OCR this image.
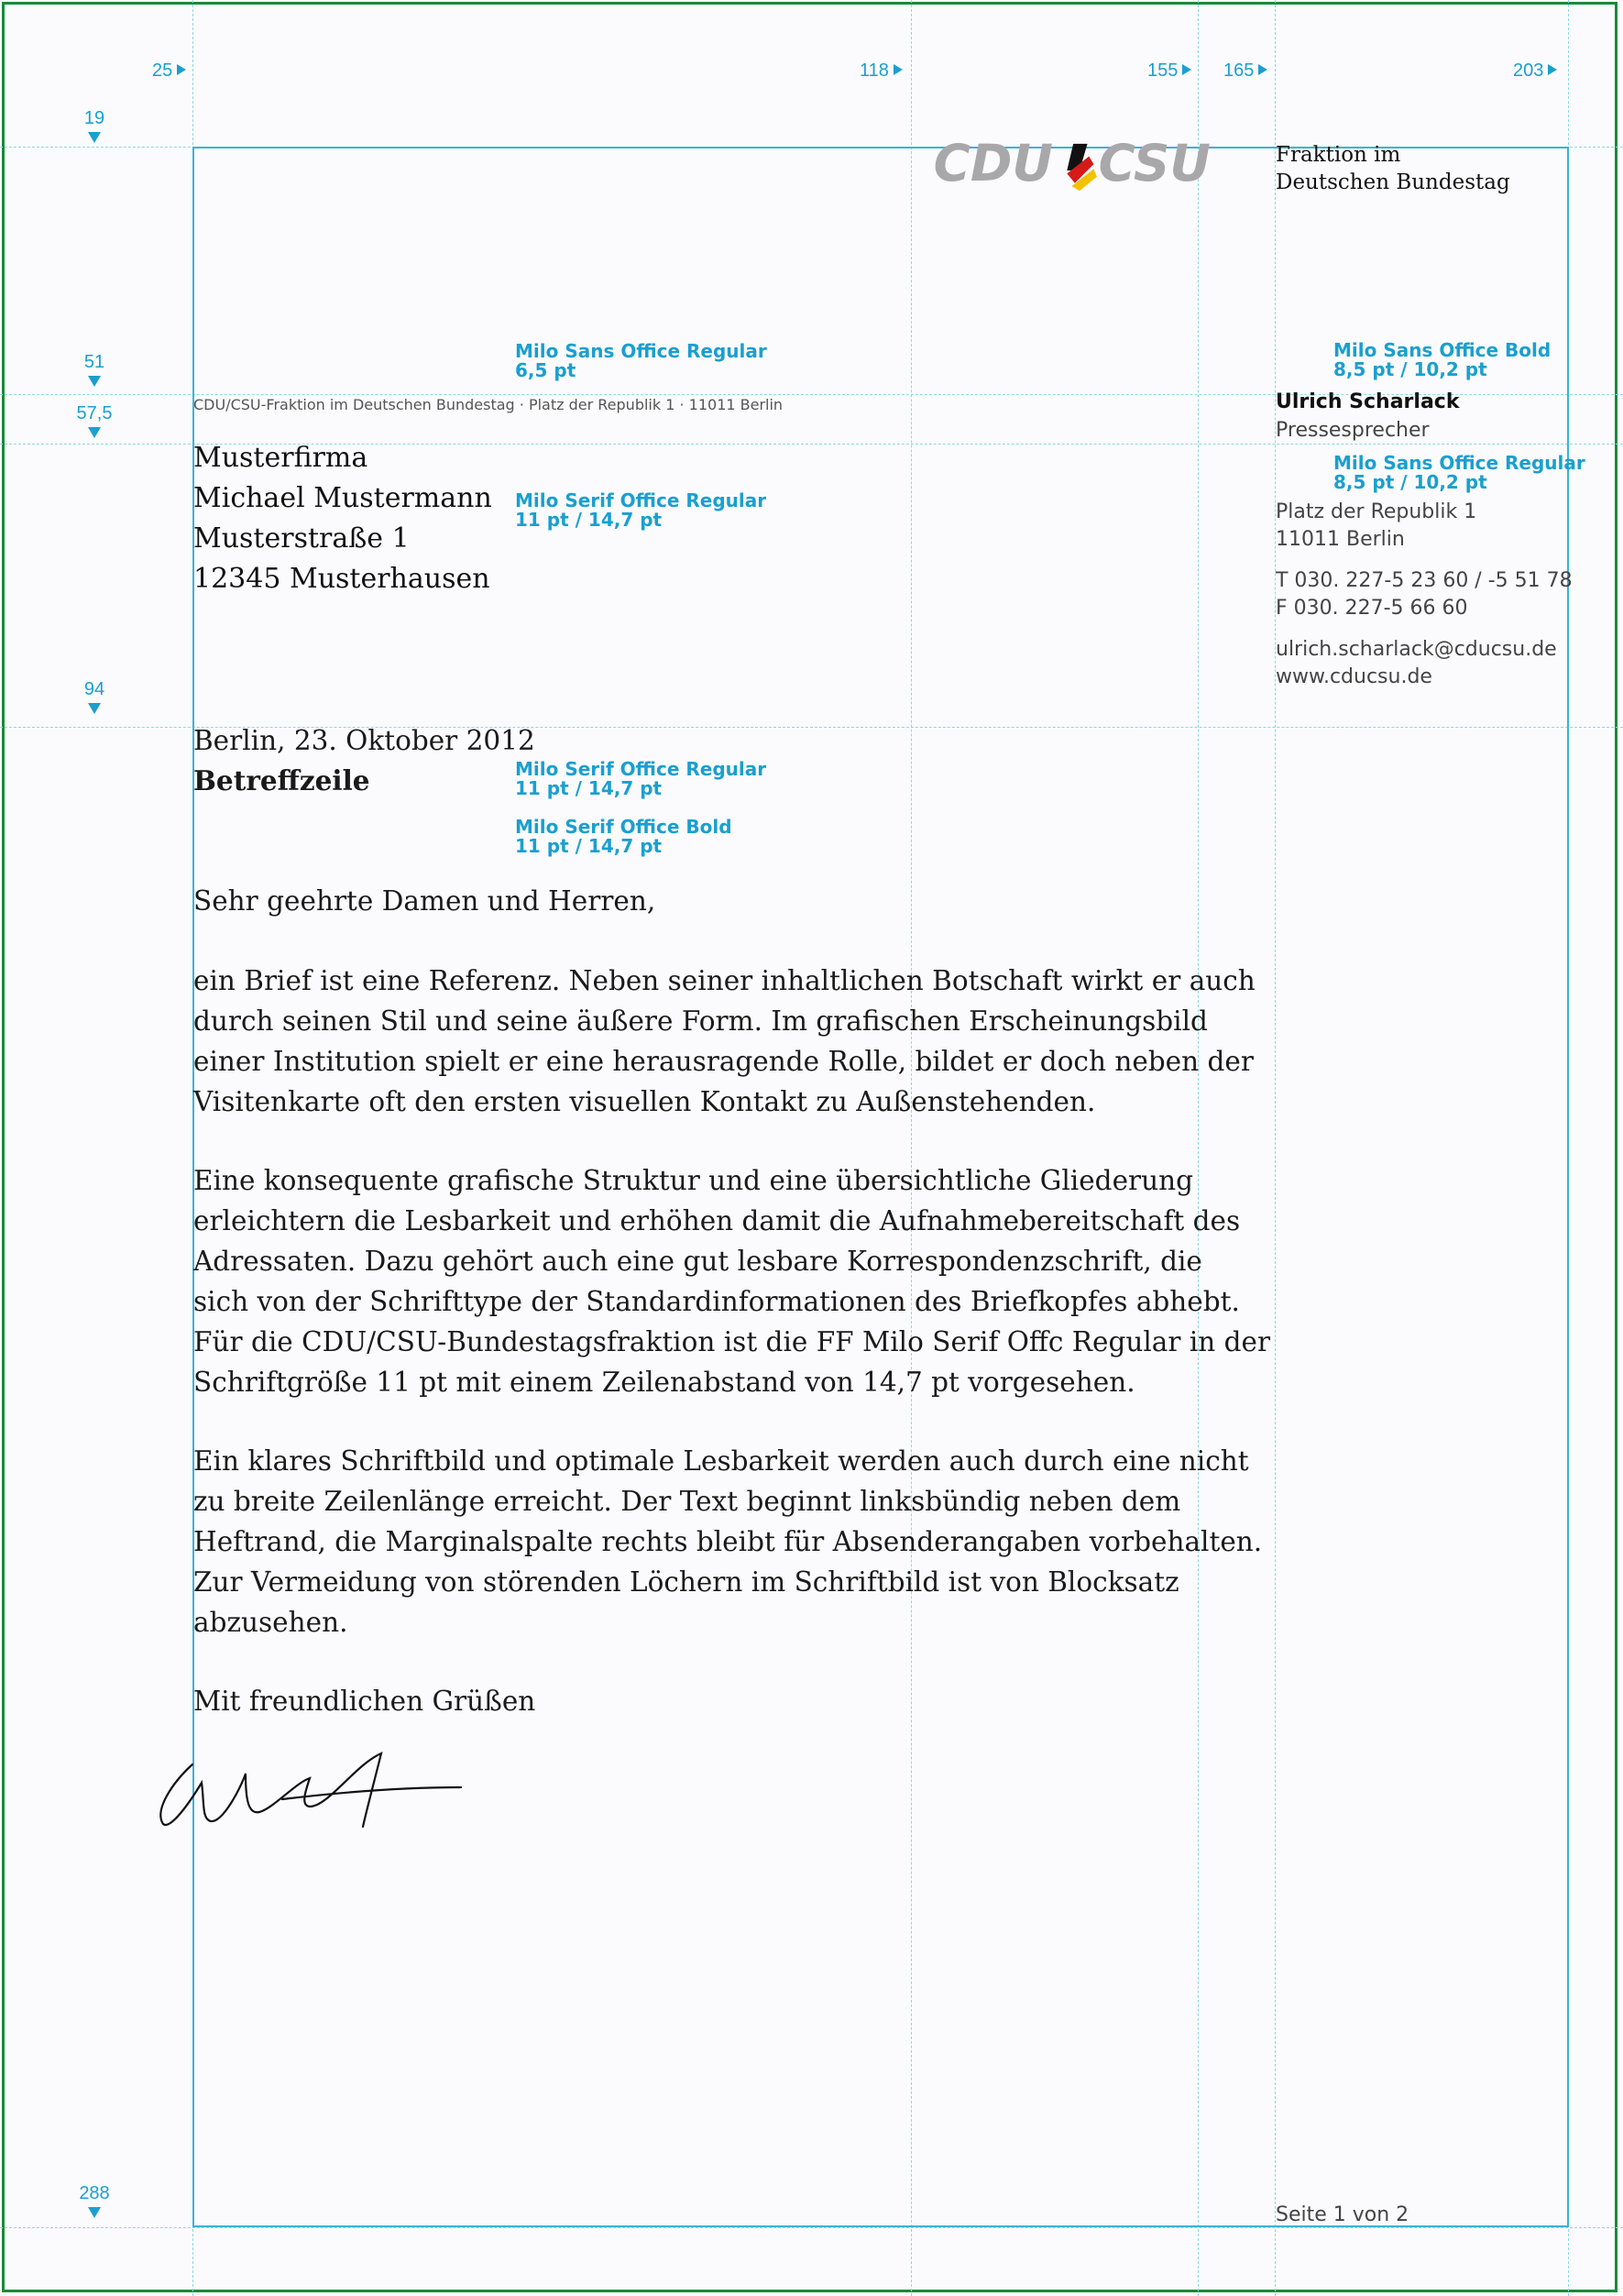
25	118	155	165	203
19
51
57,5
94
288
CDU CSU	Fraktion im
Deutschen Bundestag
Milo Sans Office Regular
6,5 pt
Milo Serif Office Regular
11 pt / 14,7 pt
Milo Serif Office Regular
11 pt / 14,7 pt
Milo Serif Office Bold
11 pt / 14,7 pt
Milo Sans Office Bold
8,5 pt / 10,2 pt
Milo Sans Office Regular
8,5 pt / 10,2 pt
CDU/CSU-Fraktion im Deutschen Bundestag · Platz der Republik 1 · 11011 Berlin
Musterfirma
Michael Mustermann
Musterstraße 1
12345 Musterhausen
Ulrich Scharlack
Pressesprecher
Platz der Republik 1
11011 Berlin
T 030. 227-5 23 60 / -5 51 78
F 030. 227-5 66 60
ulrich.scharlack@cducsu.de
www.cducsu.de
Seite 1 von 2
Berlin, 23. Oktober 2012
Betreffzeile
Sehr geehrte Damen und Herren,
ein Brief ist eine Referenz. Neben seiner inhaltlichen Botschaft wirkt er auch
durch seinen Stil und seine äußere Form. Im grafischen Erscheinungsbild
einer Institution spielt er eine herausragende Rolle, bildet er doch neben der
Visitenkarte oft den ersten visuellen Kontakt zu Außenstehenden.
Eine konsequente grafische Struktur und eine übersichtliche Gliederung
erleichtern die Lesbarkeit und erhöhen damit die Aufnahmebereitschaft des
Adressaten. Dazu gehört auch eine gut lesbare Korrespondenzschrift, die
sich von der Schrifttype der Standardinformationen des Briefkopfes abhebt.
Für die CDU/CSU-Bundestagsfraktion ist die FF Milo Serif Offc Regular in der
Schriftgröße 11 pt mit einem Zeilenabstand von 14,7 pt vorgesehen.
Ein klares Schriftbild und optimale Lesbarkeit werden auch durch eine nicht
zu breite Zeilenlänge erreicht. Der Text beginnt linksbündig neben dem
Heftrand, die Marginalspalte rechts bleibt für Absenderangaben vorbehalten.
Zur Vermeidung von störenden Löchern im Schriftbild ist von Blocksatz
abzusehen.
Mit freundlichen Grüßen
